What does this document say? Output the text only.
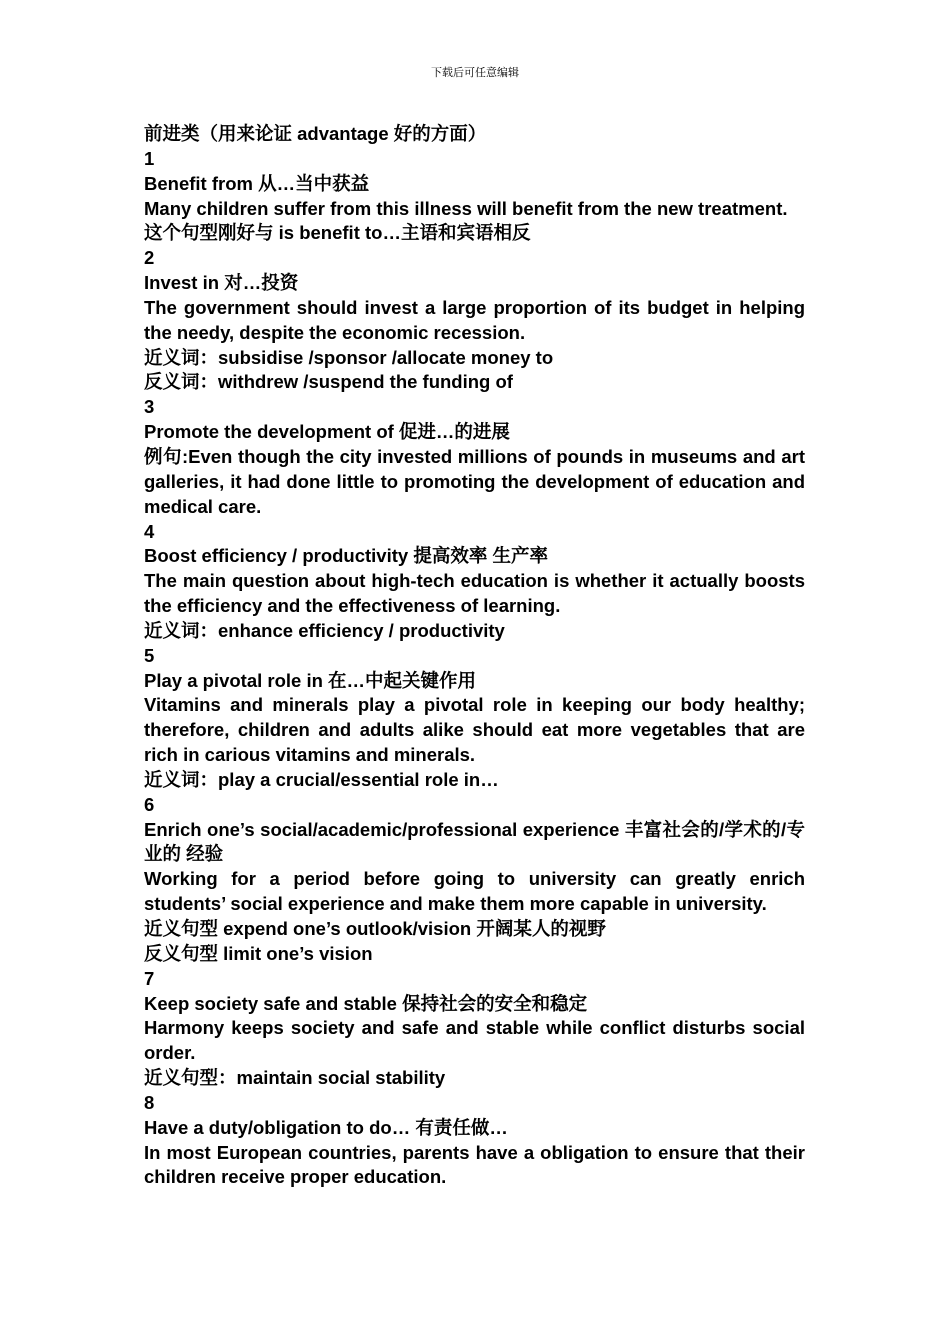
下载后可任意编辑
前进类（用来论证 advantage 好的方面）
1
Benefit from 从…当中获益
Many children suffer from this illness will benefit from the new treatment.
这个句型刚好与 is benefit to…主语和宾语相反
2
Invest in 对…投资
The government should invest a large proportion of its budget in helping the needy, despite the economic recession.
近义词：subsidise /sponsor /allocate money to
反义词：withdrew /suspend the funding of
3
Promote the development of 促进…的进展
例句:Even though the city invested millions of pounds in museums and art galleries, it had done little to promoting the development of education and medical care.
4
Boost efficiency / productivity 提高效率 生产率
The main question about high-tech education is whether it actually boosts the efficiency and the effectiveness of learning.
近义词：enhance efficiency / productivity
5
Play a pivotal role in 在…中起关键作用
Vitamins and minerals play a pivotal role in keeping our body healthy; therefore, children and adults alike should eat more vegetables that are rich in carious vitamins and minerals.
近义词：play a crucial/essential role in…
6
Enrich one’s social/academic/professional experience 丰富社会的/学术的/专业的 经验
Working for a period before going to university can greatly enrich students’ social experience and make them more capable in university.
近义句型 expend one’s outlook/vision 开阔某人的视野
反义句型 limit one’s vision
7
Keep society safe and stable 保持社会的安全和稳定
Harmony keeps society and safe and stable while conflict disturbs social order.
近义句型：maintain social stability
8
Have a duty/obligation to do… 有责任做…
In most European countries, parents have a obligation to ensure that their children receive proper education.
